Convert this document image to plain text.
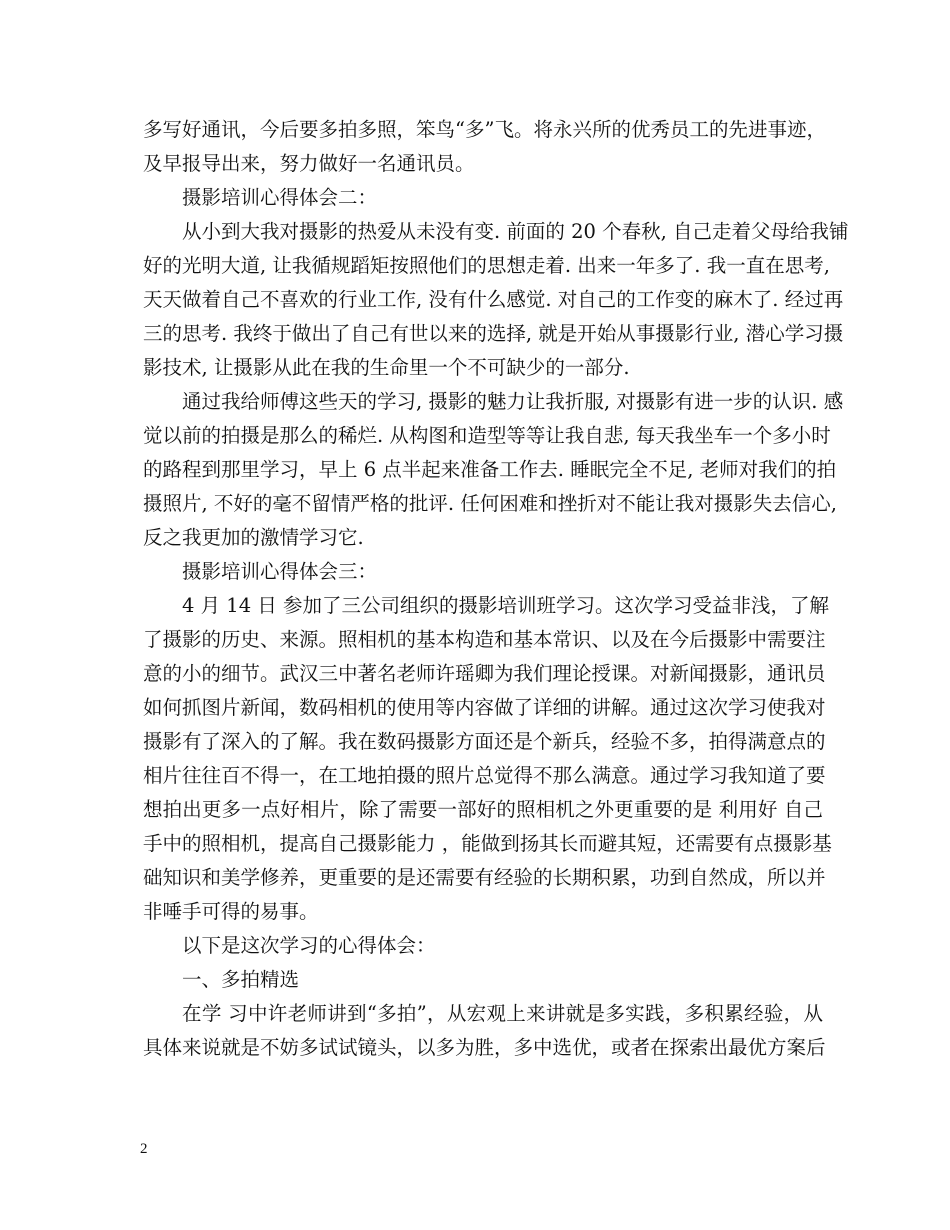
多写好通讯，今后要多拍多照，笨鸟“多”飞。将永兴所的优秀员工的先进事迹，
及早报导出来，努力做好一名通讯员。
摄影培训心得体会二：
从小到大我对摄影的热爱从未没有变. 前面的 20 个春秋, 自己走着父母给我铺
好的光明大道, 让我循规蹈矩按照他们的思想走着. 出来一年多了. 我一直在思考,
天天做着自己不喜欢的行业工作, 没有什么感觉. 对自己的工作变的麻木了. 经过再
三的思考. 我终于做出了自己有世以来的选择, 就是开始从事摄影行业, 潜心学习摄
影技术, 让摄影从此在我的生命里一个不可缺少的一部分.
通过我给师傅这些天的学习, 摄影的魅力让我折服, 对摄影有进一步的认识. 感
觉以前的拍摄是那么的稀烂. 从构图和造型等等让我自悲, 每天我坐车一个多小时
的路程到那里学习，早上 6 点半起来准备工作去. 睡眠完全不足, 老师对我们的拍
摄照片, 不好的毫不留情严格的批评. 任何困难和挫折对不能让我对摄影失去信心,
反之我更加的激情学习它.
摄影培训心得体会三：
4 月 14 日 参加了三公司组织的摄影培训班学习。这次学习受益非浅，了解
了摄影的历史、来源。照相机的基本构造和基本常识、以及在今后摄影中需要注
意的小的细节。武汉三中著名老师许瑶卿为我们理论授课。对新闻摄影，通讯员
如何抓图片新闻，数码相机的使用等内容做了详细的讲解。通过这次学习使我对
摄影有了深入的了解。我在数码摄影方面还是个新兵，经验不多，拍得满意点的
相片往往百不得一，在工地拍摄的照片总觉得不那么满意。通过学习我知道了要
想拍出更多一点好相片，除了需要一部好的照相机之外更重要的是 利用好 自己
手中的照相机，提高自己摄影能力 ，能做到扬其长而避其短，还需要有点摄影基
础知识和美学修养，更重要的是还需要有经验的长期积累，功到自然成，所以并
非唾手可得的易事。
以下是这次学习的心得体会：
一、多拍精选
在学 习中许老师讲到“多拍”，从宏观上来讲就是多实践，多积累经验，从
具体来说就是不妨多试试镜头，以多为胜，多中选优，或者在探索出最优方案后
2
